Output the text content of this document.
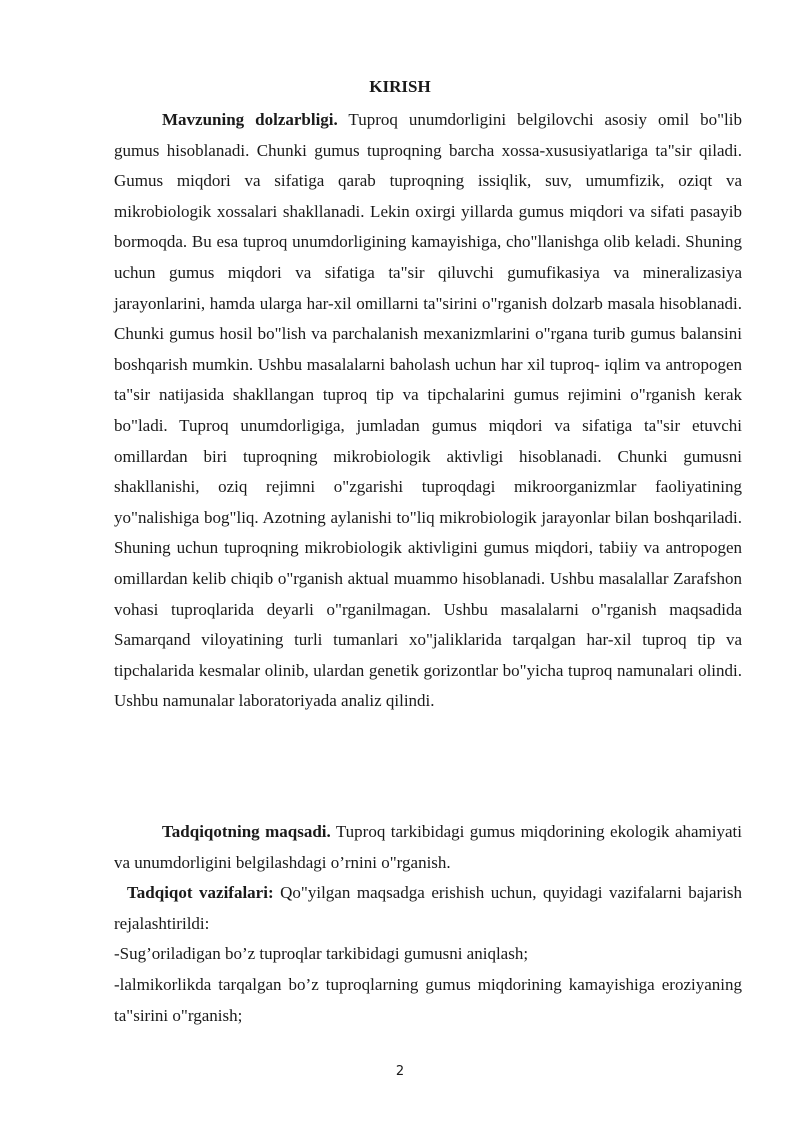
KIRISH

Mavzuning dolzarbligi. Tuproq unumdorligini belgilovchi asosiy omil bo"lib gumus hisoblanadi. Chunki gumus tuproqning barcha xossa-xususiyatlariga ta"sir qiladi. Gumus miqdori va sifatiga qarab tuproqning issiqlik, suv, umumfizik, oziqt va mikrobiologik xossalari shakllanadi. Lekin oxirgi yillarda gumus miqdori va sifati pasayib bormoqda. Bu esa tuproq unumdorligining kamayishiga, cho"llanishga olib keladi. Shuning uchun gumus miqdori va sifatiga ta"sir qiluvchi gumufikasiya va mineralizasiya jarayonlarini, hamda ularga har-xil omillarni ta"sirini o"rganish dolzarb masala hisoblanadi. Chunki gumus hosil bo"lish va parchalanish mexanizmlarini o"rgana turib gumus balansini boshqarish mumkin. Ushbu masalalarni baholash uchun har xil tuproq- iqlim va antropogen ta"sir natijasida shakllangan tuproq tip va tipchalarini gumus rejimini o"rganish kerak bo"ladi. Tuproq unumdorligiga, jumladan gumus miqdori va sifatiga ta"sir etuvchi omillardan biri tuproqning mikrobiologik aktivligi hisoblanadi. Chunki gumusni shakllanishi, oziq rejimni o"zgarishi tuproqdagi mikroorganizmlar faoliyatining yo"nalishiga bog"liq. Azotning aylanishi to"liq mikrobiologik jarayonlar bilan boshqariladi. Shuning uchun tuproqning mikrobiologik aktivligini gumus miqdori, tabiiy va antropogen omillardan kelib chiqib o"rganish aktual muammo hisoblanadi. Ushbu masalallar Zarafshon vohasi tuproqlarida deyarli o"rganilmagan. Ushbu masalalarni o"rganish maqsadida Samarqand viloyatining turli tumanlari xo"jaliklarida tarqalgan har-xil tuproq tip va tipchalarida kesmalar olinib, ulardan genetik gorizontlar bo"yicha tuproq namunalari olindi. Ushbu namunalar laboratoriyada analiz qilindi.

Tadqiqotning maqsadi. Tuproq tarkibidagi gumus miqdorining ekologik ahamiyati va unumdorligini belgilashdagi o’rnini o"rganish.

Tadqiqot vazifalari: Qo"yilgan maqsadga erishish uchun, quyidagi vazifalarni bajarish rejalashtirildi:

-Sug’oriladigan bo’z tuproqlar tarkibidagi gumusni aniqlash;

-lalmikorlikda tarqalgan bo’z tuproqlarning gumus miqdorining kamayishiga eroziyaning ta"sirini o"rganish;

2
